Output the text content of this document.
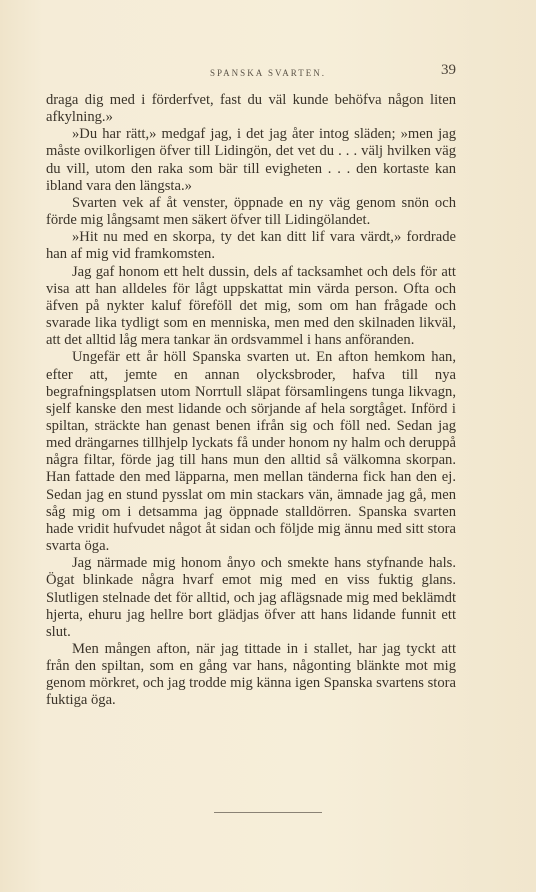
SPANSKA SVARTEN.	39

draga dig med i förderfvet, fast du väl kunde behöfva någon liten afkylning.»

»Du har rätt,» medgaf jag, i det jag åter intog släden; »men jag måste ovilkorligen öfver till Lidingön, det vet du . . . välj hvilken väg du vill, utom den raka som bär till evigheten . . . den kortaste kan ibland vara den längsta.»

Svarten vek af åt venster, öppnade en ny väg genom snön och förde mig långsamt men säkert öfver till Lidingölandet.

»Hit nu med en skorpa, ty det kan ditt lif vara värdt,» fordrade han af mig vid framkomsten.

Jag gaf honom ett helt dussin, dels af tacksamhet och dels för att visa att han alldeles för lågt uppskattat min värda person. Ofta och äfven på nykter kaluf föreföll det mig, som om han frågade och svarade lika tydligt som en menniska, men med den skilnaden likväl, att det alltid låg mera tankar än ordsvammel i hans anföranden.

Ungefär ett år höll Spanska svarten ut. En afton hemkom han, efter att, jemte en annan olycksbroder, hafva till nya begrafningsplatsen utom Norrtull släpat församlingens tunga likvagn, sjelf kanske den mest lidande och sörjande af hela sorgtåget. Införd i spiltan, sträckte han genast benen ifrån sig och föll ned. Sedan jag med drängarnes tillhjelp lyckats få under honom ny halm och deruppå några filtar, förde jag till hans mun den alltid så välkomna skorpan. Han fattade den med läpparna, men mellan tänderna fick han den ej. Sedan jag en stund pysslat om min stackars vän, ämnade jag gå, men såg mig om i detsamma jag öppnade stalldörren. Spanska svarten hade vridit hufvudet något åt sidan och följde mig ännu med sitt stora svarta öga.

Jag närmade mig honom ånyo och smekte hans styfnande hals. Ögat blinkade några hvarf emot mig med en viss fuktig glans. Slutligen stelnade det för alltid, och jag aflägsnade mig med beklämdt hjerta, ehuru jag hellre bort glädjas öfver att hans lidande funnit ett slut.

Men mången afton, när jag tittade in i stallet, har jag tyckt att från den spiltan, som en gång var hans, någonting blänkte mot mig genom mörkret, och jag trodde mig känna igen Spanska svartens stora fuktiga öga.
